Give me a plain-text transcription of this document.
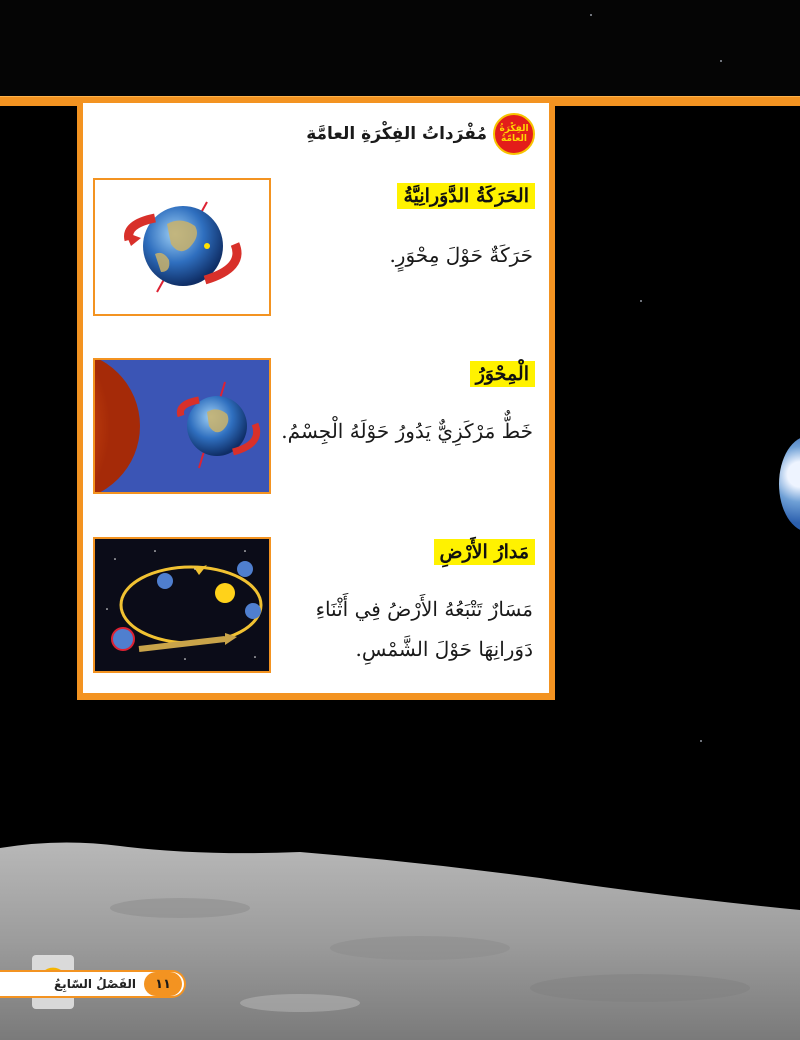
الفِكْرَةُ
العامّةُ
مُفْرَداتُ الفِكْرَةِ العامَّةِ
الحَرَكَةُ الدَّوَرانِيَّةُ
حَرَكَةٌ حَوْلَ مِحْوَرٍ.
الْمِحْوَرُ
خَطٌّ مَرْكَزِيٌّ يَدُورُ حَوْلَهُ الْجِسْمُ.
مَدارُ الأَرْضِ
مَسَارٌ تَتْبَعُهُ الأَرْضُ فِي أَثْنَاءِ
دَوَرانِهَا حَوْلَ الشَّمْسِ.
١١
الفَصْلُ السّابِعُ
